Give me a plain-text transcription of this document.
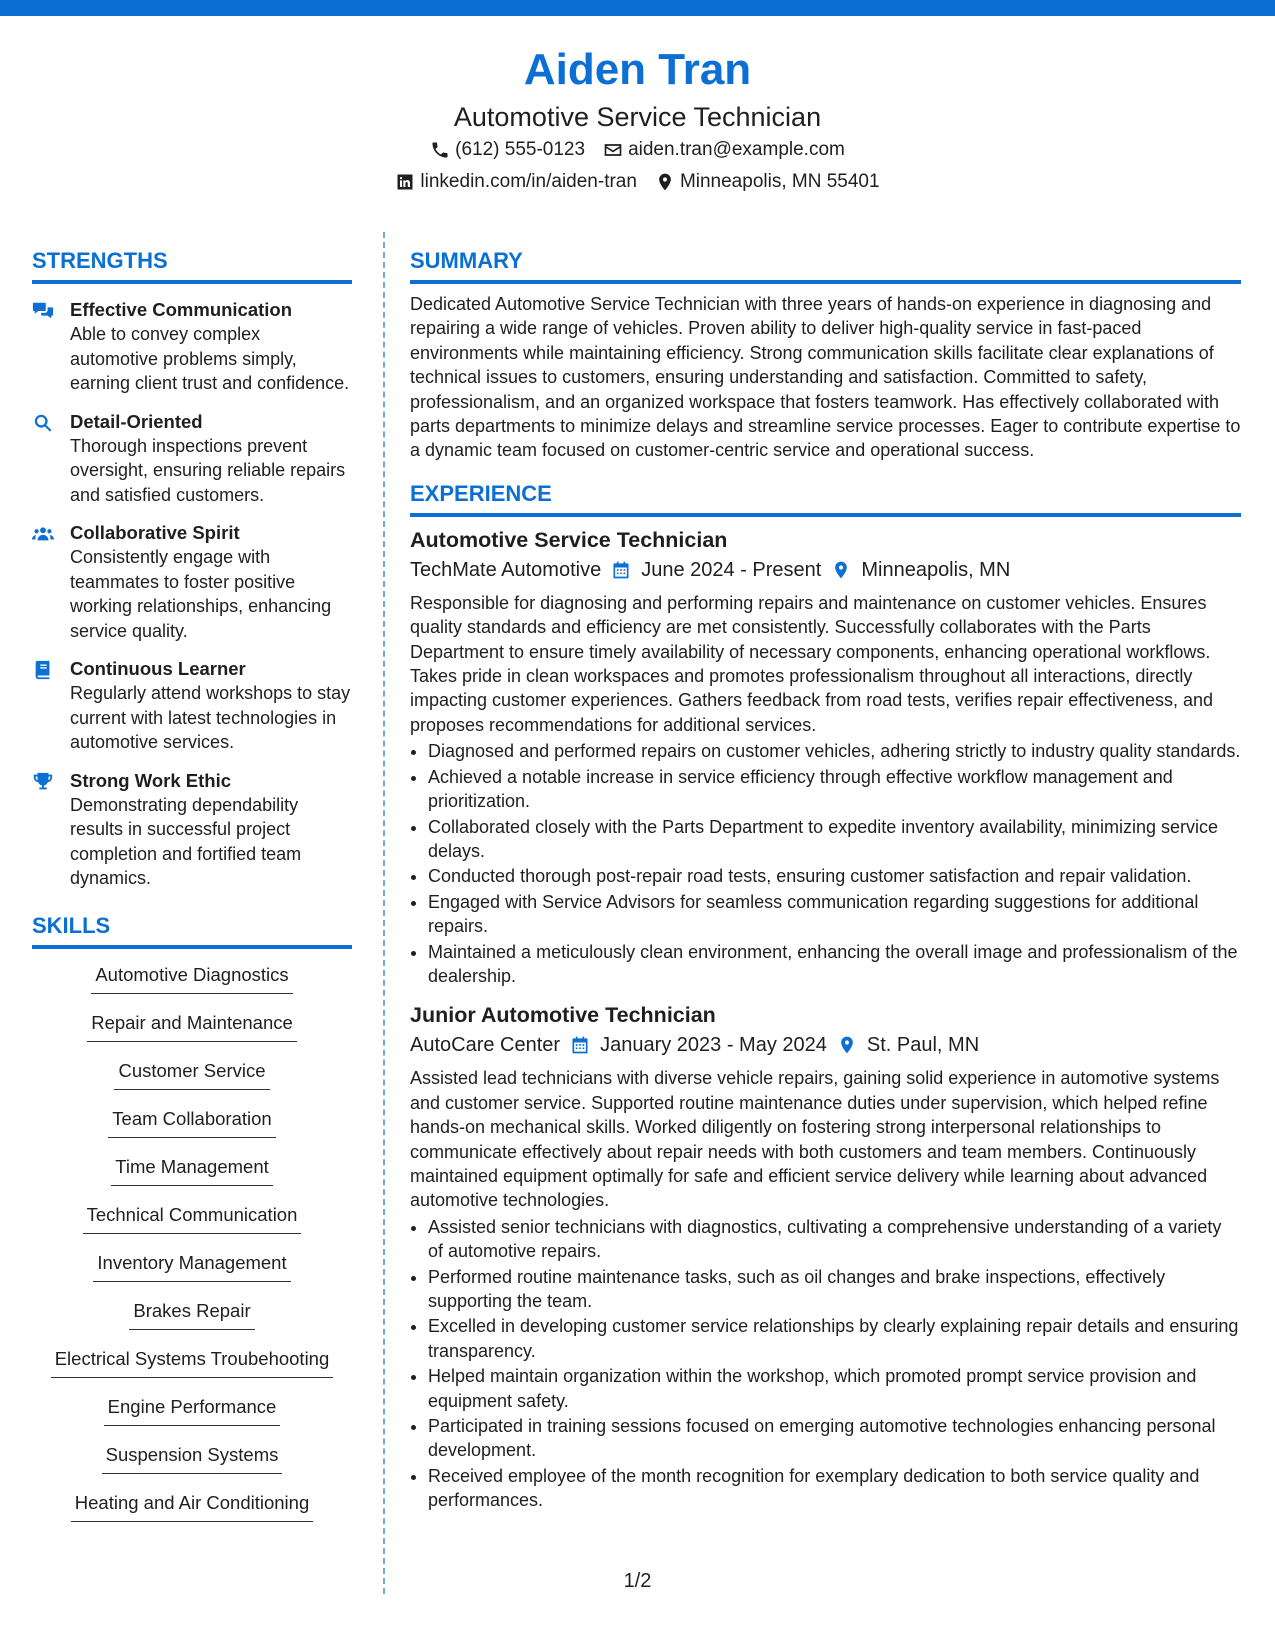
Aiden Tran

Automotive Service Technician

(612) 555-0123 aiden.tran@example.com
linkedin.com/in/aiden-tran Minneapolis, MN 55401
STRENGTHS
Effective Communication
Able to convey complex automotive problems simply, earning client trust and confidence.
Detail-Oriented
Thorough inspections prevent oversight, ensuring reliable repairs and satisfied customers.
Collaborative Spirit
Consistently engage with teammates to foster positive working relationships, enhancing service quality.
Continuous Learner
Regularly attend workshops to stay current with latest technologies in automotive services.
Strong Work Ethic
Demonstrating dependability results in successful project completion and fortified team dynamics.
SKILLS
Automotive Diagnostics
Repair and Maintenance
Customer Service
Team Collaboration
Time Management
Technical Communication
Inventory Management
Brakes Repair
Electrical Systems Troubehooting
Engine Performance
Suspension Systems
Heating and Air Conditioning
SUMMARY

Dedicated Automotive Service Technician with three years of hands-on experience in diagnosing and repairing a wide range of vehicles. Proven ability to deliver high-quality service in fast-paced environments while maintaining efficiency. Strong communication skills facilitate clear explanations of technical issues to customers, ensuring understanding and satisfaction. Committed to safety, professionalism, and an organized workspace that fosters teamwork. Has effectively collaborated with parts departments to minimize delays and streamline service processes. Eager to contribute expertise to a dynamic team focused on customer-centric service and operational success.

EXPERIENCE
Automotive Service Technician
TechMate Automotive June 2024 - Present Minneapolis, MN
Responsible for diagnosing and performing repairs and maintenance on customer vehicles. Ensures quality standards and efficiency are met consistently. Successfully collaborates with the Parts Department to ensure timely availability of necessary components, enhancing operational workflows. Takes pride in clean workspaces and promotes professionalism throughout all interactions, directly impacting customer experiences. Gathers feedback from road tests, verifies repair effectiveness, and proposes recommendations for additional services.
• Diagnosed and performed repairs on customer vehicles, adhering strictly to industry quality standards.
• Achieved a notable increase in service efficiency through effective workflow management and prioritization.
• Collaborated closely with the Parts Department to expedite inventory availability, minimizing service delays.
• Conducted thorough post-repair road tests, ensuring customer satisfaction and repair validation.
• Engaged with Service Advisors for seamless communication regarding suggestions for additional repairs.
• Maintained a meticulously clean environment, enhancing the overall image and professionalism of the dealership.
Junior Automotive Technician
AutoCare Center January 2023 - May 2024 St. Paul, MN
Assisted lead technicians with diverse vehicle repairs, gaining solid experience in automotive systems and customer service. Supported routine maintenance duties under supervision, which helped refine hands-on mechanical skills. Worked diligently on fostering strong interpersonal relationships to communicate effectively about repair needs with both customers and team members. Continuously maintained equipment optimally for safe and efficient service delivery while learning about advanced automotive technologies.
• Assisted senior technicians with diagnostics, cultivating a comprehensive understanding of a variety of automotive repairs.
• Performed routine maintenance tasks, such as oil changes and brake inspections, effectively supporting the team.
• Excelled in developing customer service relationships by clearly explaining repair details and ensuring transparency.
• Helped maintain organization within the workshop, which promoted prompt service provision and equipment safety.
• Participated in training sessions focused on emerging automotive technologies enhancing personal development.
• Received employee of the month recognition for exemplary dedication to both service quality and performances.
1/2
